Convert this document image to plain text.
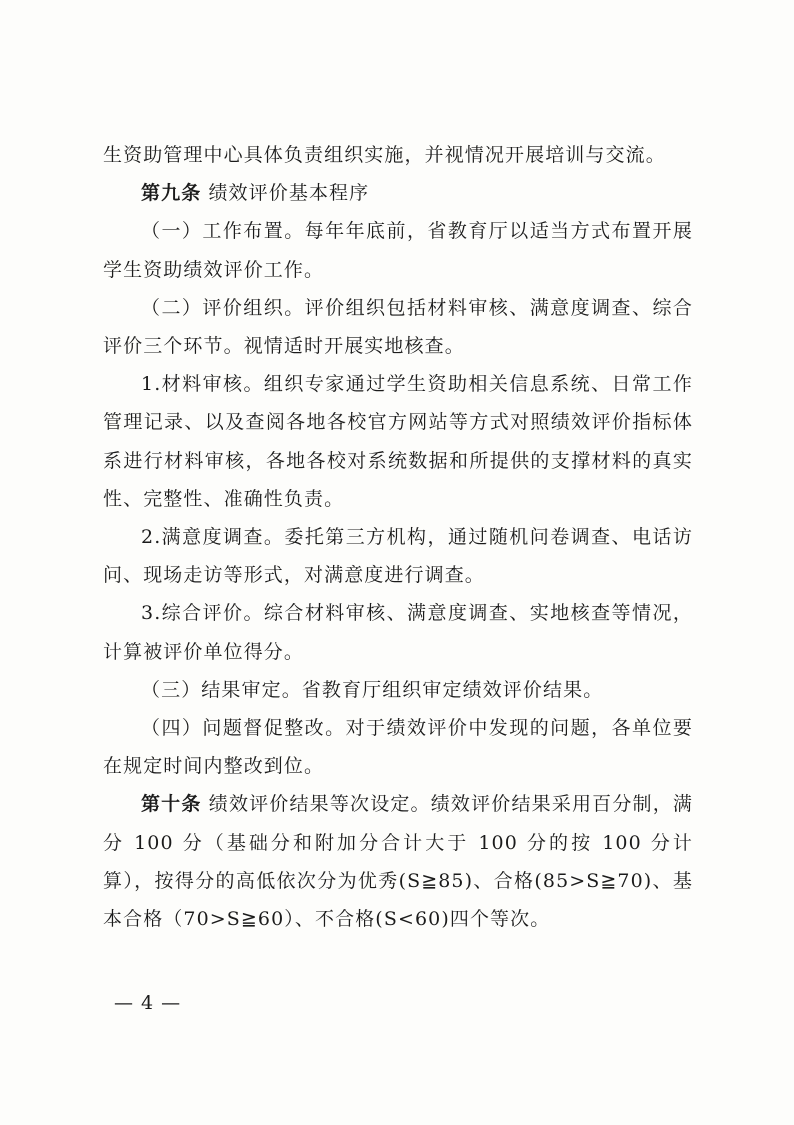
生资助管理中心具体负责组织实施，并视情况开展培训与交流。

第九条 绩效评价基本程序

（一）工作布置。每年年底前，省教育厅以适当方式布置开展学生资助绩效评价工作。

（二）评价组织。评价组织包括材料审核、满意度调查、综合评价三个环节。视情适时开展实地核查。

1.材料审核。组织专家通过学生资助相关信息系统、日常工作管理记录、以及查阅各地各校官方网站等方式对照绩效评价指标体系进行材料审核，各地各校对系统数据和所提供的支撑材料的真实性、完整性、准确性负责。

2.满意度调查。委托第三方机构，通过随机问卷调查、电话访问、现场走访等形式，对满意度进行调查。

3.综合评价。综合材料审核、满意度调查、实地核查等情况，计算被评价单位得分。

（三）结果审定。省教育厅组织审定绩效评价结果。

（四）问题督促整改。对于绩效评价中发现的问题，各单位要在规定时间内整改到位。

第十条 绩效评价结果等次设定。绩效评价结果采用百分制，满分 100 分（基础分和附加分合计大于 100 分的按 100 分计算），按得分的高低依次分为优秀(S≧85)、合格(85>S≧70)、基本合格（70>S≧60）、不合格(S<60)四个等次。

— 4 —
